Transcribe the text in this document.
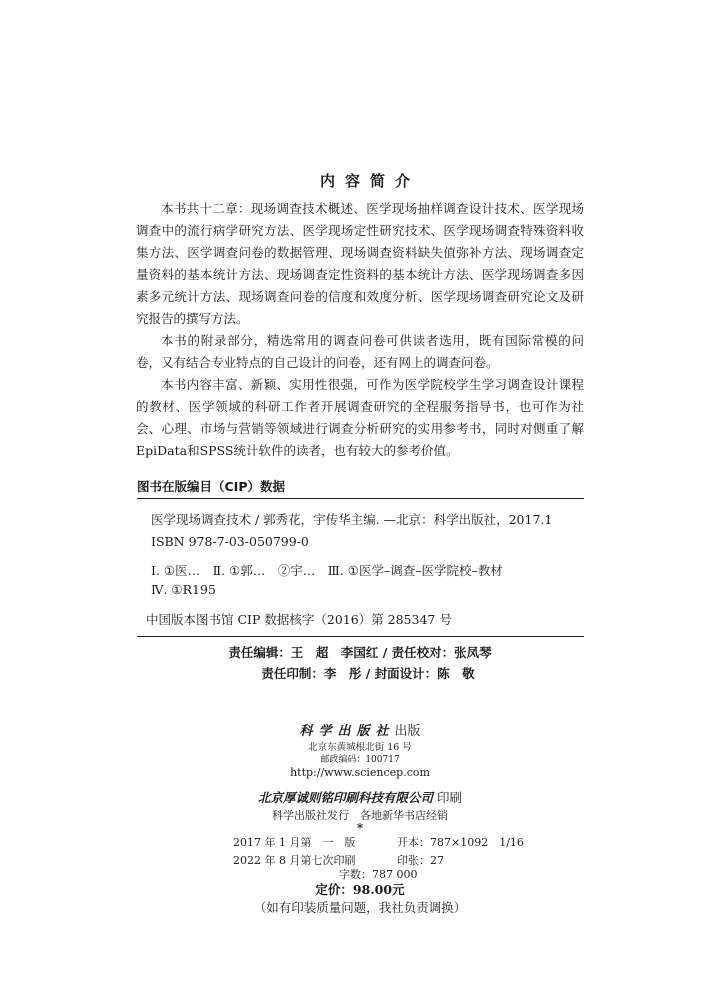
内容简介

本书共十二章：现场调查技术概述、医学现场抽样调查设计技术、医学现场调查中的流行病学研究方法、医学现场定性研究技术、医学现场调查特殊资料收集方法、医学调查问卷的数据管理、现场调查资料缺失值弥补方法、现场调查定量资料的基本统计方法、现场调查定性资料的基本统计方法、医学现场调查多因素多元统计方法、现场调查问卷的信度和效度分析、医学现场调查研究论文及研究报告的撰写方法。

本书的附录部分，精选常用的调查问卷可供读者选用，既有国际常模的问卷，又有结合专业特点的自己设计的问卷，还有网上的调查问卷。

本书内容丰富、新颖、实用性很强，可作为医学院校学生学习调查设计课程的教材、医学领域的科研工作者开展调查研究的全程服务指导书，也可作为社会、心理、市场与营销等领域进行调查分析研究的实用参考书，同时对侧重了解EpiData和SPSS统计软件的读者，也有较大的参考价值。

图书在版编目（CIP）数据
医学现场调查技术 / 郭秀花，宇传华主编. —北京：科学出版社，2017.1
ISBN 978-7-03-050799-0
Ⅰ. ①医…　Ⅱ. ①郭…　②宇…　Ⅲ. ①医学–调查–医学院校–教材
Ⅳ. ①R195
中国版本图书馆 CIP 数据核字（2016）第 285347 号
责任编辑：王　超　李国红 / 责任校对：张凤琴
责任印制：李　彤 / 封面设计：陈　敬
科学出版社出版
北京东黄城根北街 16 号
邮政编码：100717
http://www.sciencep.com
北京厚诚则铭印刷科技有限公司 印刷
科学出版社发行　各地新华书店经销
*
2017 年 1 月第　一　版	开本：787×1092　1/16
2022 年 8 月第七次印刷	印张：27
字数：787 000
定价：98.00元
（如有印装质量问题，我社负责调换）
